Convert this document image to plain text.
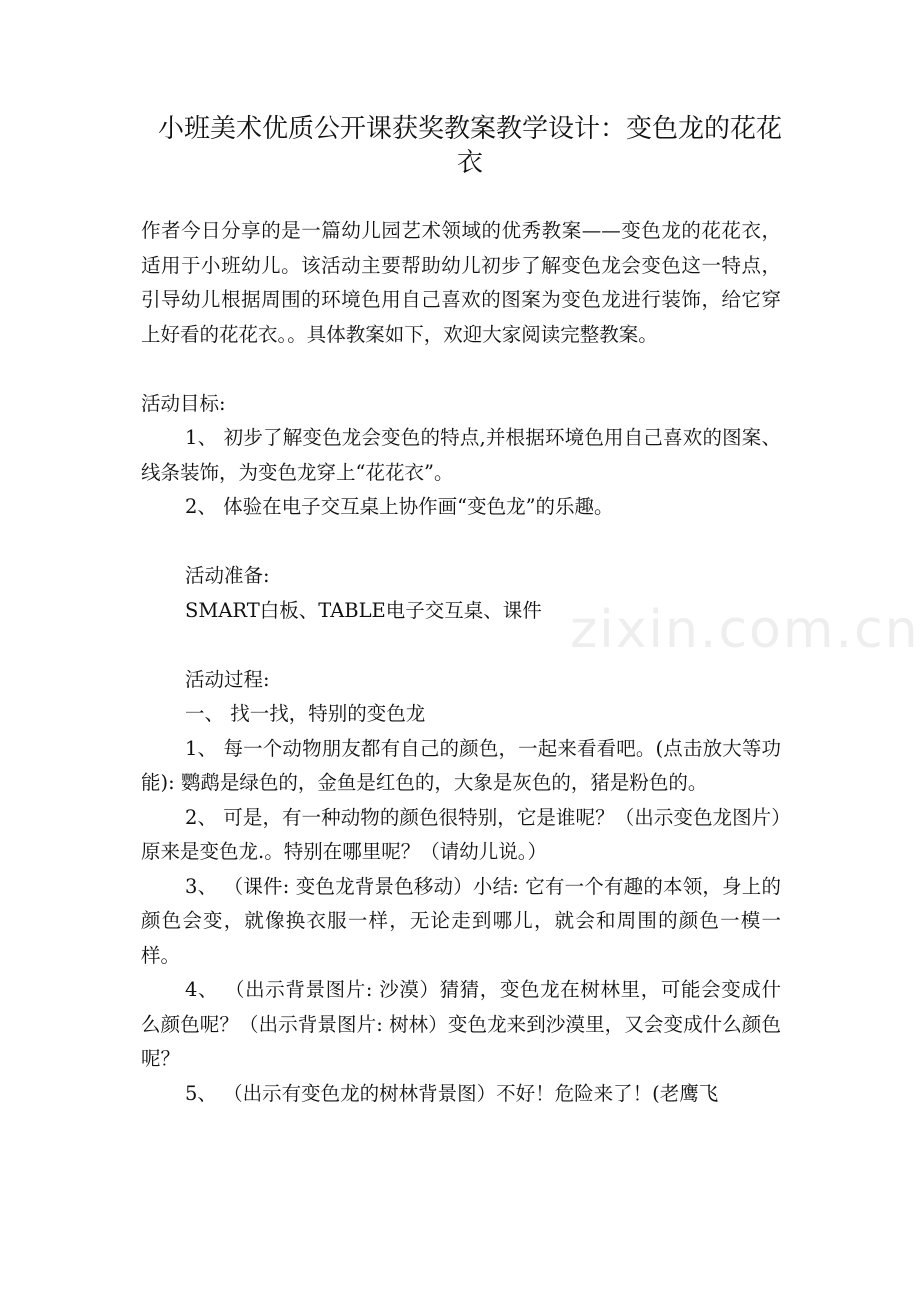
小班美术优质公开课获奖教案教学设计：变色龙的花花衣
zixin.com.cn

作者今日分享的是一篇幼儿园艺术领域的优秀教案——变色龙的花花衣，适用于小班幼儿。该活动主要帮助幼儿初步了解变色龙会变色这一特点，引导幼儿根据周围的环境色用自己喜欢的图案为变色龙进行装饰，给它穿上好看的花花衣。。具体教案如下，欢迎大家阅读完整教案。

活动目标:

1、 初步了解变色龙会变色的特点,并根据环境色用自己喜欢的图案、线条装饰，为变色龙穿上“花花衣”。

2、 体验在电子交互桌上协作画“变色龙”的乐趣。

活动准备:

SMART白板、TABLE电子交互桌、课件

活动过程:

一、 找一找，特别的变色龙

1、 每一个动物朋友都有自己的颜色，一起来看看吧。(点击放大等功能): 鹦鹉是绿色的，金鱼是红色的，大象是灰色的，猪是粉色的。

2、 可是，有一种动物的颜色很特别，它是谁呢？（出示变色龙图片）原来是变色龙.。特别在哪里呢？（请幼儿说。）

3、 （课件: 变色龙背景色移动）小结: 它有一个有趣的本领，身上的颜色会变，就像换衣服一样，无论走到哪儿，就会和周围的颜色一模一样。

4、 （出示背景图片: 沙漠）猜猜，变色龙在树林里，可能会变成什么颜色呢？（出示背景图片: 树林）变色龙来到沙漠里，又会变成什么颜色呢？

5、 （出示有变色龙的树林背景图）不好！危险来了！(老鹰飞
